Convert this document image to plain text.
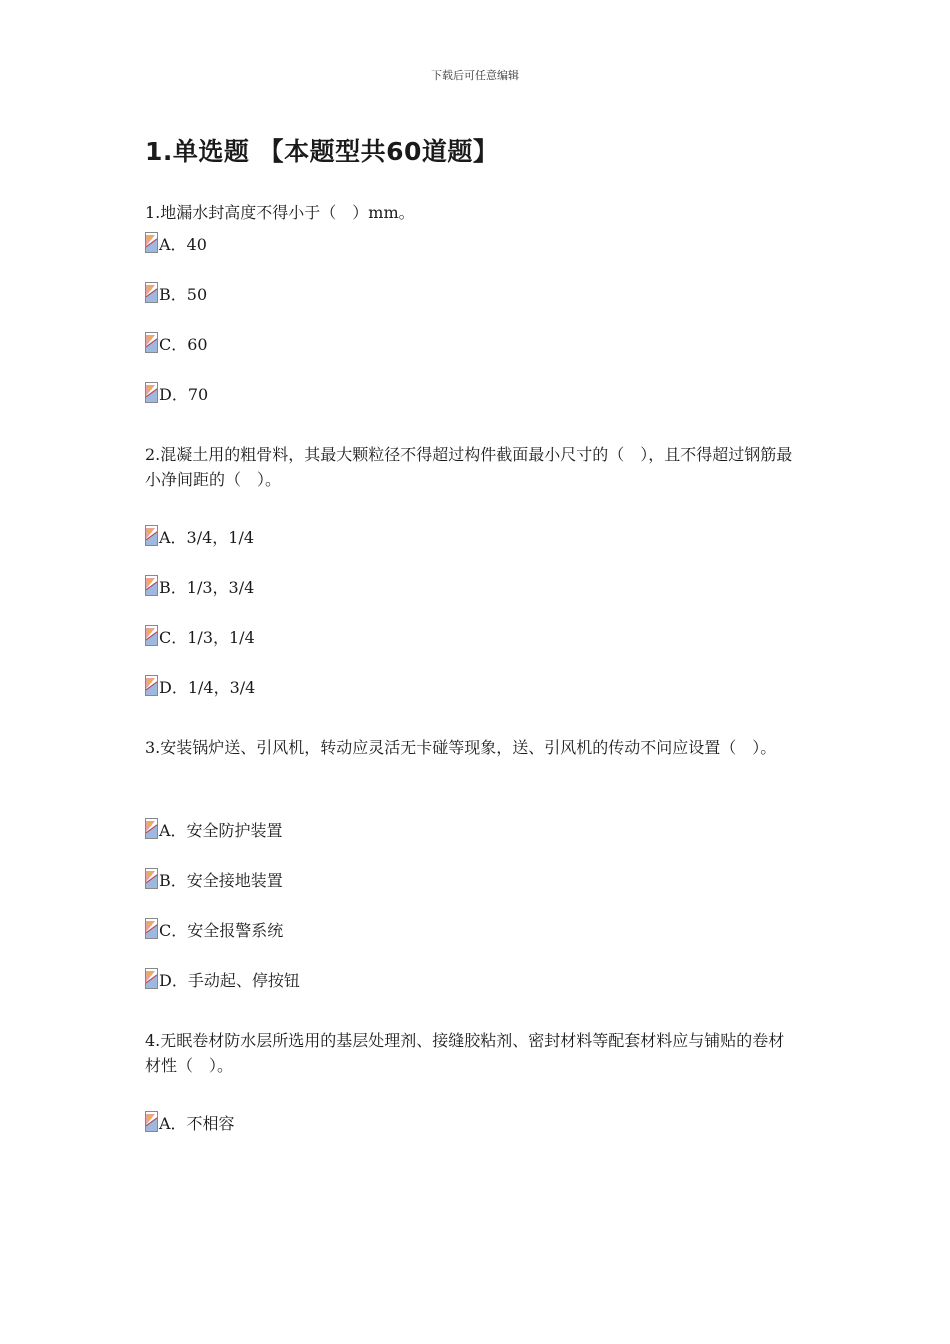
下载后可任意编辑
1.单选题 【本题型共60道题】
1.地漏水封高度不得小于（　）mm。
A．40
B．50
C．60
D．70
2.混凝土用的粗骨料，其最大颗粒径不得超过构件截面最小尺寸的（　），且不得超过钢筋最小净间距的（　）。
A．3/4，1/4
B．1/3，3/4
C．1/3，1/4
D．1/4，3/4
3.安装锅炉送、引风机，转动应灵活无卡碰等现象，送、引风机的传动不问应设置（　）。
A．安全防护装置
B．安全接地装置
C．安全报警系统
D．手动起、停按钮
4.无眠卷材防水层所选用的基层处理剂、接缝胶粘剂、密封材料等配套材料应与铺贴的卷材材性（　）。
A．不相容
